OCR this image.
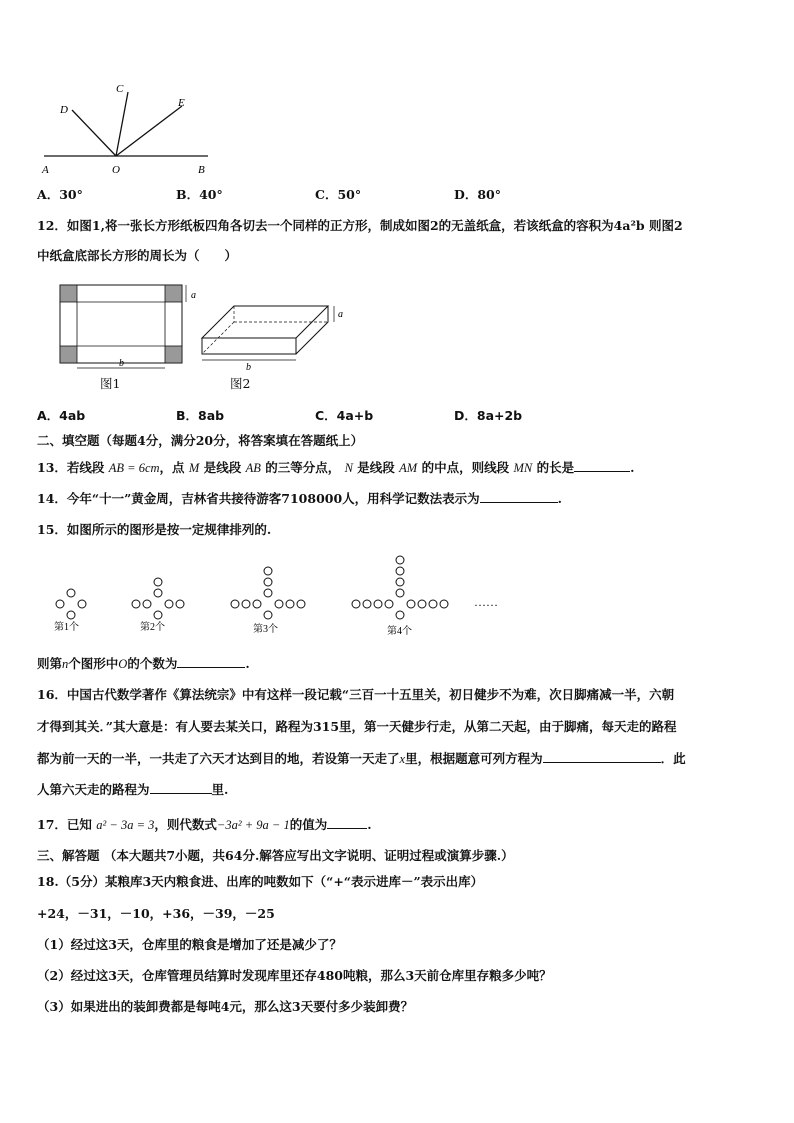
C
D
E
A	O	B
A．30°	B．40°	C．50°	D．80°
12．如图1,将一张长方形纸板四角各切去一个同样的正方形，制成如图2的无盖纸盒，若该纸盒的容积为4a²b 则图2
中纸盒底部长方形的周长为（　　）
a
b
图1
a
b
图2
A．4ab	B．8ab	C．4a+b	D．8a+2b
二、填空题（每题4分，满分20分，将答案填在答题纸上）
13．若线段 AB = 6cm，点 M 是线段 AB 的三等分点， N 是线段 AM 的中点，则线段 MN 的长是	.
14．今年“十一”黄金周，吉林省共接待游客7108000人，用科学记数法表示为	.
15．如图所示的图形是按一定规律排列的.
……
第1个	第2个	第3个	第4个
则第n个图形中O的个数为	.
16．中国古代数学著作《算法统宗》中有这样一段记载“三百一十五里关，初日健步不为难，次日脚痛减一半，六朝
才得到其关．”其大意是：有人要去某关口，路程为315里，第一天健步行走，从第二天起，由于脚痛，每天走的路程
都为前一天的一半，一共走了六天才达到目的地，若设第一天走了x里，根据题意可列方程为	．此
人第六天走的路程为	里.
17．已知 a² − 3a = 3，则代数式−3a² + 9a − 1的值为	.
三、解答题 （本大题共7小题，共64分.解答应写出文字说明、证明过程或演算步骤.）
18.（5分）某粮库3天内粮食进、出库的吨数如下（“+“表示进库－”表示出库）
+24，－31，－10，+36，－39，－25
（1）经过这3天，仓库里的粮食是增加了还是减少了？
（2）经过这3天，仓库管理员结算时发现库里还存480吨粮，那么3天前仓库里存粮多少吨？
（3）如果进出的装卸费都是每吨4元，那么这3天要付多少装卸费？
